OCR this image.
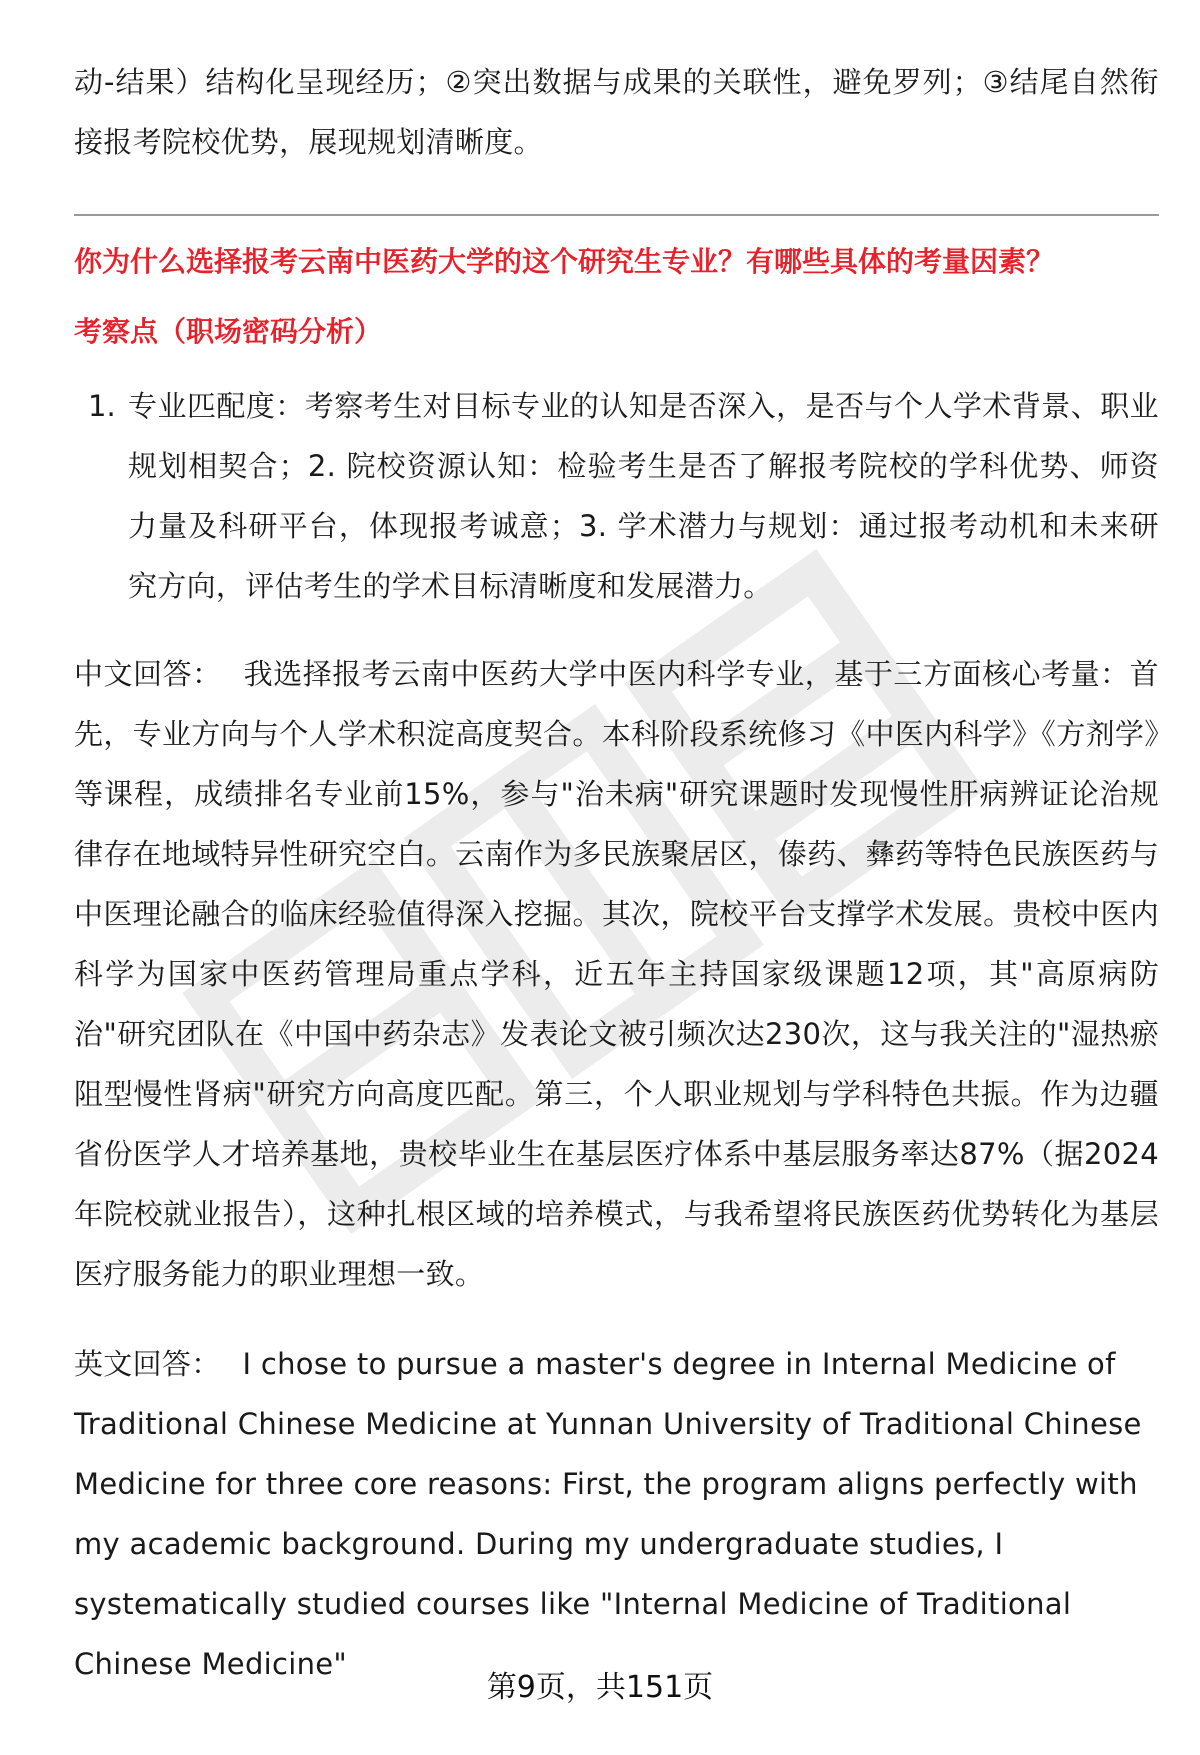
动-结果）结构化呈现经历；②突出数据与成果的关联性，避免罗列；③结尾自然衔接报考院校优势，展现规划清晰度。

你为什么选择报考云南中医药大学的这个研究生专业？有哪些具体的考量因素？

考察点（职场密码分析）

1. 专业匹配度：考察考生对目标专业的认知是否深入，是否与个人学术背景、职业规划相契合；2. 院校资源认知：检验考生是否了解报考院校的学科优势、师资力量及科研平台，体现报考诚意；3. 学术潜力与规划：通过报考动机和未来研究方向，评估考生的学术目标清晰度和发展潜力。

中文回答： 我选择报考云南中医药大学中医内科学专业，基于三方面核心考量：首先，专业方向与个人学术积淀高度契合。本科阶段系统修习《中医内科学》《方剂学》等课程，成绩排名专业前15%，参与"治未病"研究课题时发现慢性肝病辨证论治规律存在地域特异性研究空白。云南作为多民族聚居区，傣药、彝药等特色民族医药与中医理论融合的临床经验值得深入挖掘。其次，院校平台支撑学术发展。贵校中医内科学为国家中医药管理局重点学科，近五年主持国家级课题12项，其"高原病防治"研究团队在《中国中药杂志》发表论文被引频次达230次，这与我关注的"湿热瘀阻型慢性肾病"研究方向高度匹配。第三，个人职业规划与学科特色共振。作为边疆省份医学人才培养基地，贵校毕业生在基层医疗体系中基层服务率达87%（据2024年院校就业报告），这种扎根区域的培养模式，与我希望将民族医药优势转化为基层医疗服务能力的职业理想一致。

英文回答： I chose to pursue a master's degree in Internal Medicine of Traditional Chinese Medicine at Yunnan University of Traditional Chinese Medicine for three core reasons: First, the program aligns perfectly with my academic background. During my undergraduate studies, I systematically studied courses like "Internal Medicine of Traditional Chinese Medicine"

第9页，共151页
